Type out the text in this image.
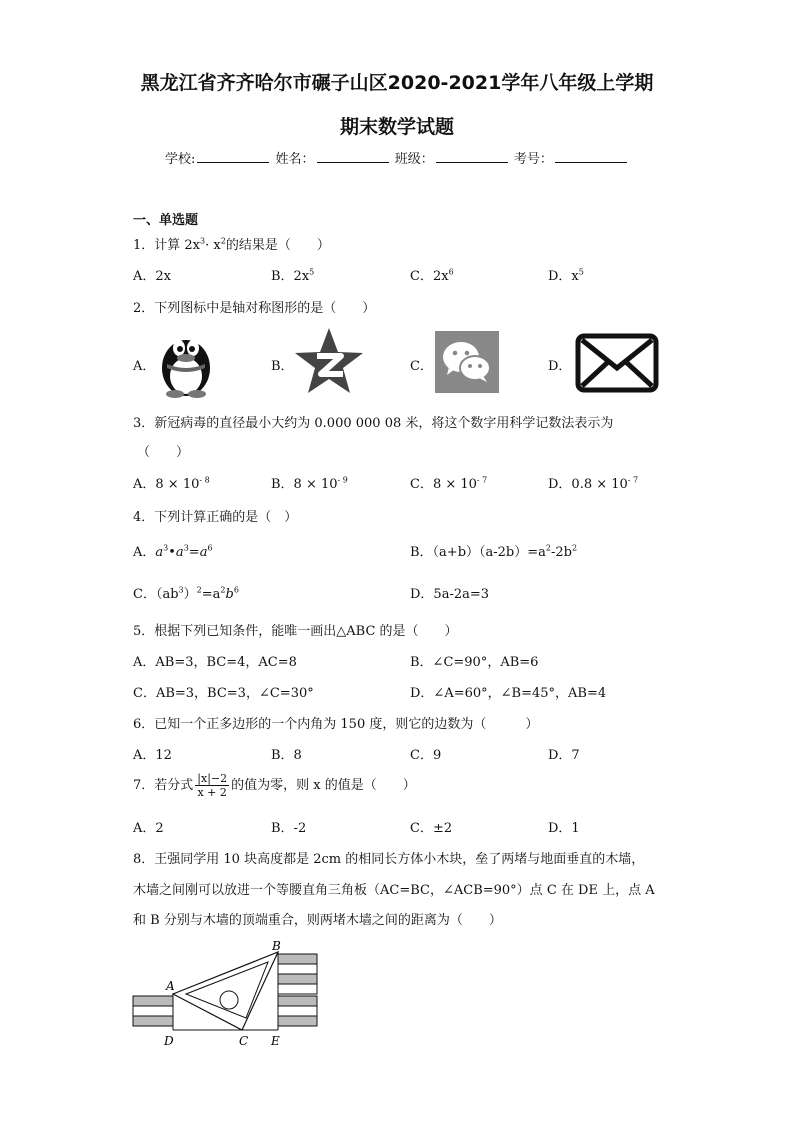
黑龙江省齐齐哈尔市碾子山区2020-2021学年八年级上学期
期末数学试题
学校:	姓名：	班级：	考号：
一、单选题
1．计算 $2x^3\cdot x^2$的结果是（　　）
A．2x	B．$2x^5$	C．$2x^6$	D．$x^5$
2．下列图标中是轴对称图形的是（　　）
A．	B．	C．	D．
3．新冠病毒的直径最小大约为 0.000 000 08 米，将这个数字用科学记数法表示为
（　　）
A．$8 \times 10^{- 8}$	B．$8 \times 10^{- 9}$	C．$8 \times 10^{- 7}$	D．$0.8 \times 10^{- 7}$
4．下列计算正确的是（　）
A．$a^3•a^3=a^6$	B．$(a+b)(a-2b)=a^2-2b^2$
C．$(ab^3)^2=a^2b^6$	D．5a-2a=3
5．根据下列已知条件，能唯一画出△ABC 的是（　　）
A．AB=3，BC=4，AC=8	B．∠C=90°，AB=6
C．AB=3，BC=3，∠C=30°	D．∠A=60°，∠B=45°，AB=4
6．已知一个正多边形的一个内角为 150 度，则它的边数为（　　　）
A．12	B．8	C．9	D．7
7．若分式 $\frac{|x|-2}{x + 2}$ 的值为零，则 x 的值是（　　）
A．2	B．-2	C．±2	D．1
8．王强同学用 10 块高度都是 2cm 的相同长方体小木块，垒了两堵与地面垂直的木墙，
木墙之间刚可以放进一个等腰直角三角板（AC=BC，∠ACB=90°）点 C 在 DE 上，点 A
和 B 分别与木墙的顶端重合，则两堵木墙之间的距离为（　　）
A
B
C
D	E
